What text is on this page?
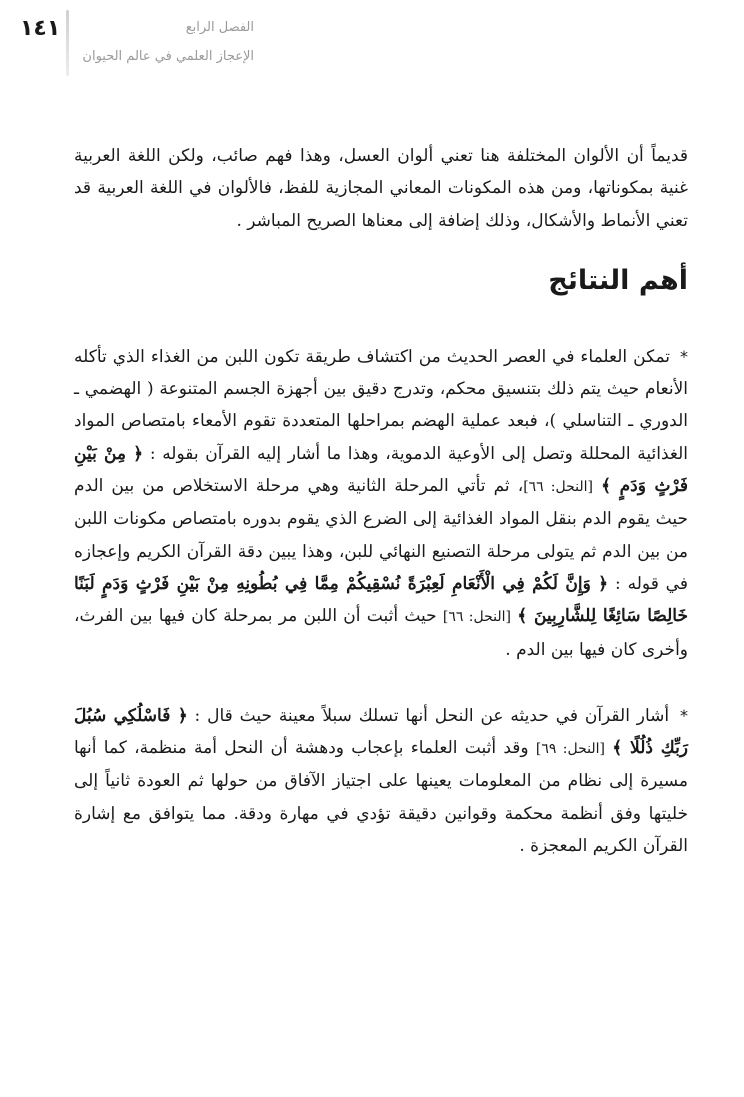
١٤١	الفصل الرابع
الإعجاز العلمي في عالم الحيوان

قديماً أن الألوان المختلفة هنا تعني ألوان العسل، وهذا فهم صائب، ولكن اللغة العربية غنية بمكوناتها، ومن هذه المكونات المعاني المجازية للفظ، فالألوان في اللغة العربية قد تعني الأنماط والأشكال، وذلك إضافة إلى معناها الصريح المباشر .

أهم النتائج

* تمكن العلماء في العصر الحديث من اكتشاف طريقة تكون اللبن من الغذاء الذي تأكله الأنعام حيث يتم ذلك بتنسيق محكم، وتدرج دقيق بين أجهزة الجسم المتنوعة ( الهضمي ـ الدوري ـ التناسلي )، فبعد عملية الهضم بمراحلها المتعددة تقوم الأمعاء بامتصاص المواد الغذائية المحللة وتصل إلى الأوعية الدموية، وهذا ما أشار إليه القرآن بقوله : ﴿ مِنْ بَيْنِ فَرْثٍ وَدَمٍ ﴾ [النحل: ٦٦]، ثم تأتي المرحلة الثانية وهي مرحلة الاستخلاص من بين الدم حيث يقوم الدم بنقل المواد الغذائية إلى الضرع الذي يقوم بدوره بامتصاص مكونات اللبن من بين الدم ثم يتولى مرحلة التصنيع النهائي للبن، وهذا يبين دقة القرآن الكريم وإعجازه في قوله : ﴿ وَإِنَّ لَكُمْ فِي الْأَنْعَامِ لَعِبْرَةً نُسْقِيكُمْ مِمَّا فِي بُطُونِهِ مِنْ بَيْنِ فَرْثٍ وَدَمٍ لَبَنًا خَالِصًا سَائِغًا لِلشَّارِبِينَ ﴾ [النحل: ٦٦] حيث أثبت أن اللبن مر بمرحلة كان فيها بين الفرث، وأخرى كان فيها بين الدم .

* أشار القرآن في حديثه عن النحل أنها تسلك سبلاً معينة حيث قال : ﴿ فَاسْلُكِي سُبُلَ رَبِّكِ ذُلُلًا ﴾ [النحل: ٦٩] وقد أثبت العلماء بإعجاب ودهشة أن النحل أمة منظمة، كما أنها مسيرة إلى نظام من المعلومات يعينها على اجتياز الآفاق من حولها ثم العودة ثانياً إلى خليتها وفق أنظمة محكمة وقوانين دقيقة تؤدي في مهارة ودقة. مما يتوافق مع إشارة القرآن الكريم المعجزة .
